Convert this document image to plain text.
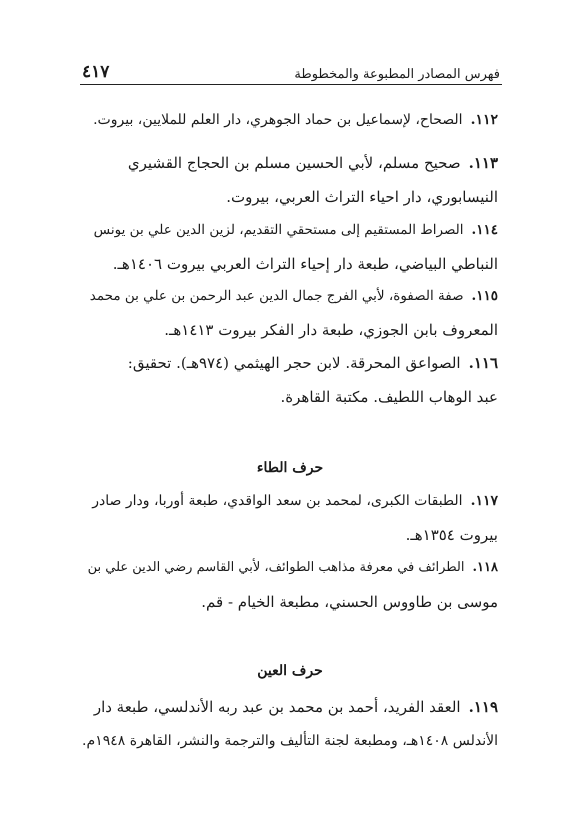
فهرس المصادر المطبوعة والمخطوطة
٤١٧
١١٢.الصحاح، لإسماعيل بن حماد الجوهري، دار العلم للملايين، بيروت.
١١٣.صحيح مسلم، لأبي الحسين مسلم بن الحجاج القشيري
النيسابوري، دار احياء التراث العربي، بيروت.
١١٤.الصراط المستقيم إلى مستحقي التقديم، لزين الدين علي بن يونس
النباطي البياضي، طبعة دار إحياء التراث العربي بيروت ١٤٠٦هـ.
١١٥.صفة الصفوة، لأبي الفرج جمال الدين عبد الرحمن بن علي بن محمد
المعروف بابن الجوزي، طبعة دار الفكر بيروت ١٤١٣هـ.
١١٦.الصواعق المحرقة. لابن حجر الهيثمي (٩٧٤هـ). تحقيق:
عبد الوهاب اللطيف. مكتبة القاهرة.
حرف الطاء
١١٧.الطبقات الكبرى، لمحمد بن سعد الواقدي، طبعة أوربا، ودار صادر
بيروت ١٣٥٤هـ.
١١٨.الطرائف في معرفة مذاهب الطوائف، لأبي القاسم رضي الدين علي بن
موسى بن طاووس الحسني، مطبعة الخيام - قم.
حرف العين
١١٩.العقد الفريد، أحمد بن محمد بن عبد ربه الأندلسي، طبعة دار
الأندلس ١٤٠٨هـ، ومطبعة لجنة التأليف والترجمة والنشر، القاهرة ١٩٤٨م.
